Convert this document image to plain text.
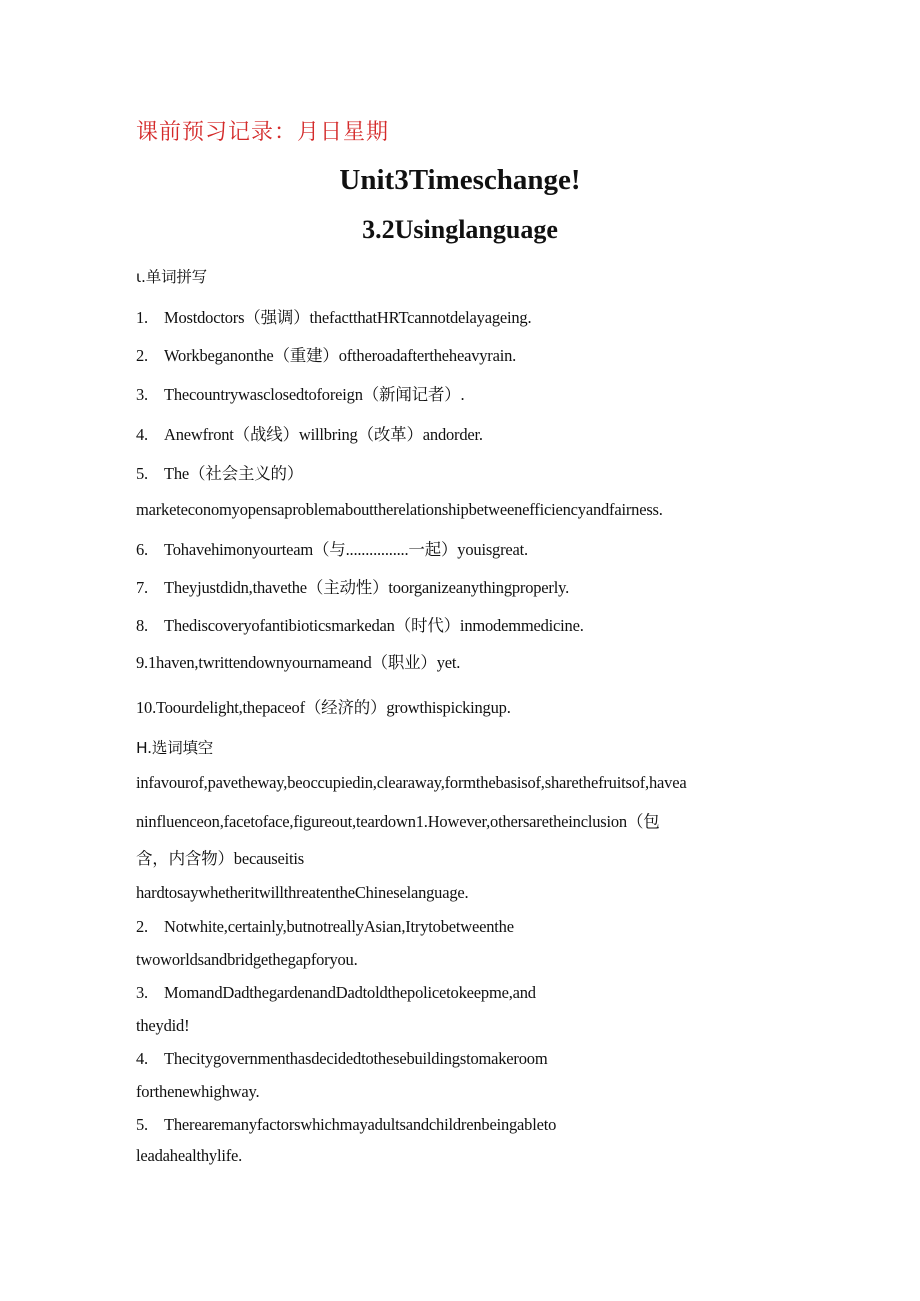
课前预习记录：月日星期
Unit3Timeschange!
3.2Usinglanguage
ι.单词拼写
1. Mostdoctors（强调）thefactthatHRTcannotdelayageing.
2. Workbeganonthe（重建）oftheroadaftertheheavyrain.
3. Thecountrywasclosedtoforeign（新闻记者）.
4. Anewfront（战线）willbring（改革）andorder.
5. The（社会主义的）
marketeconomyopensaproblemabouttherelationshipbetweenefficiencyandfairness.
6. Tohavehimonyourteam（与................一起）youisgreat.
7. Theyjustdidn,thavethe（主动性）toorganizeanythingproperly.
8. Thediscoveryofantibioticsmarkedan（时代）inmodemmedicine.
9.1haven,twrittendownyournameand（职业）yet.
10.Toourdelight,thepaceof（经济的）growthispickingup.
H.选词填空
infavourof,pavetheway,beoccupiedin,clearaway,formthebasisof,sharethefruitsof,havea
ninfluenceon,facetoface,figureout,teardown1.However,othersaretheinclusion（包
含，内含物）becauseitis
hardtosaywhetheritwillthreatentheChineselanguage.
2. Notwhite,certainly,butnotreallyAsian,Itrytobetweenthe
twoworldsandbridgethegapforyou.
3. MomandDadthegardenandDadtoldthepolicetokeepme,and
theydid!
4. Thecitygovernmenthasdecidedtothesebuildingstomakeroom
forthenewhighway.
5. Therearemanyfactorswhichmayadultsandchildrenbeingableto
leadahealthylife.
